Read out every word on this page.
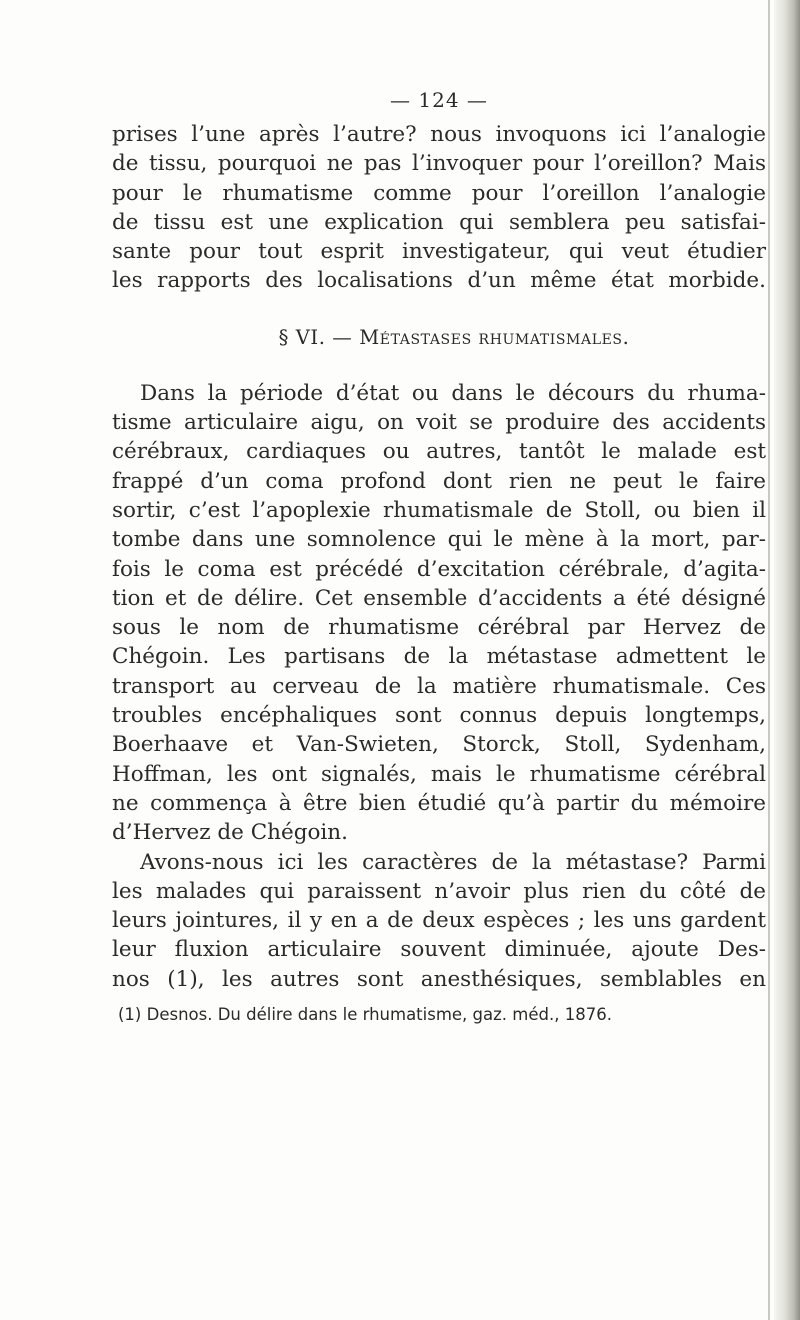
— 124 —
prises l’une après l’autre? nous invoquons ici l’analogie
de tissu, pourquoi ne pas l’invoquer pour l’oreillon? Mais
pour le rhumatisme comme pour l’oreillon l’analogie
de tissu est une explication qui semblera peu satisfai-
sante pour tout esprit investigateur, qui veut étudier
les rapports des localisations d’un même état morbide.
§ VI. — Métastases rhumatismales.
Dans la période d’état ou dans le décours du rhuma-
tisme articulaire aigu, on voit se produire des accidents
cérébraux, cardiaques ou autres, tantôt le malade est
frappé d’un coma profond dont rien ne peut le faire
sortir, c’est l’apoplexie rhumatismale de Stoll, ou bien il
tombe dans une somnolence qui le mène à la mort, par-
fois le coma est précédé d’excitation cérébrale, d’agita-
tion et de délire. Cet ensemble d’accidents a été désigné
sous le nom de rhumatisme cérébral par Hervez de
Chégoin. Les partisans de la métastase admettent le
transport au cerveau de la matière rhumatismale. Ces
troubles encéphaliques sont connus depuis longtemps,
Boerhaave et Van-Swieten, Storck, Stoll, Sydenham,
Hoffman, les ont signalés, mais le rhumatisme cérébral
ne commença à être bien étudié qu’à partir du mémoire
d’Hervez de Chégoin.
Avons-nous ici les caractères de la métastase? Parmi
les malades qui paraissent n’avoir plus rien du côté de
leurs jointures, il y en a de deux espèces ; les uns gardent
leur fluxion articulaire souvent diminuée, ajoute Des-
nos (1), les autres sont anesthésiques, semblables en
(1) Desnos. Du délire dans le rhumatisme, gaz. méd., 1876.
